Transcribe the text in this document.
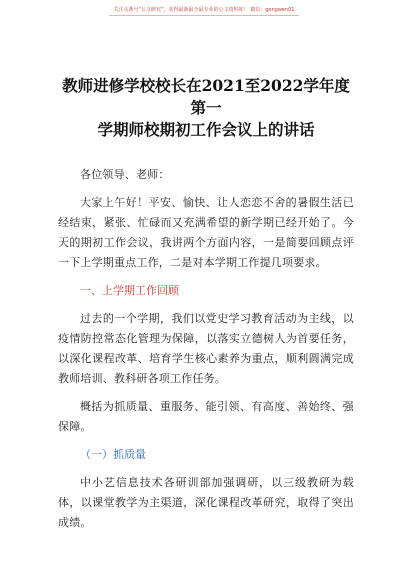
关注头条号“公文研究”，获得最新最全最专业的公文资料库！ 微信：gongwen01
教师进修学校校长在2021至2022学年度第一
学期师校期初工作会议上的讲话

各位领导、老师：

大家上午好！平安、愉快、让人恋恋不舍的暑假生活已经结束，紧张、忙碌而又充满希望的新学期已经开始了。今天的期初工作会议，我讲两个方面内容，一是简要回顾点评一下上学期重点工作，二是对本学期工作提几项要求。

一、上学期工作回顾

过去的一个学期，我们以党史学习教育活动为主线，以疫情防控常态化管理为保障，以落实立德树人为首要任务，以深化课程改革、培育学生核心素养为重点，顺利圆满完成教师培训、教科研各项工作任务。

概括为抓质量、重服务、能引领、有高度、善始终、强保障。

（一）抓质量

中小艺信息技术各研训部加强调研，以三级教研为载体，以课堂教学为主渠道，深化课程改革研究，取得了突出成绩。
